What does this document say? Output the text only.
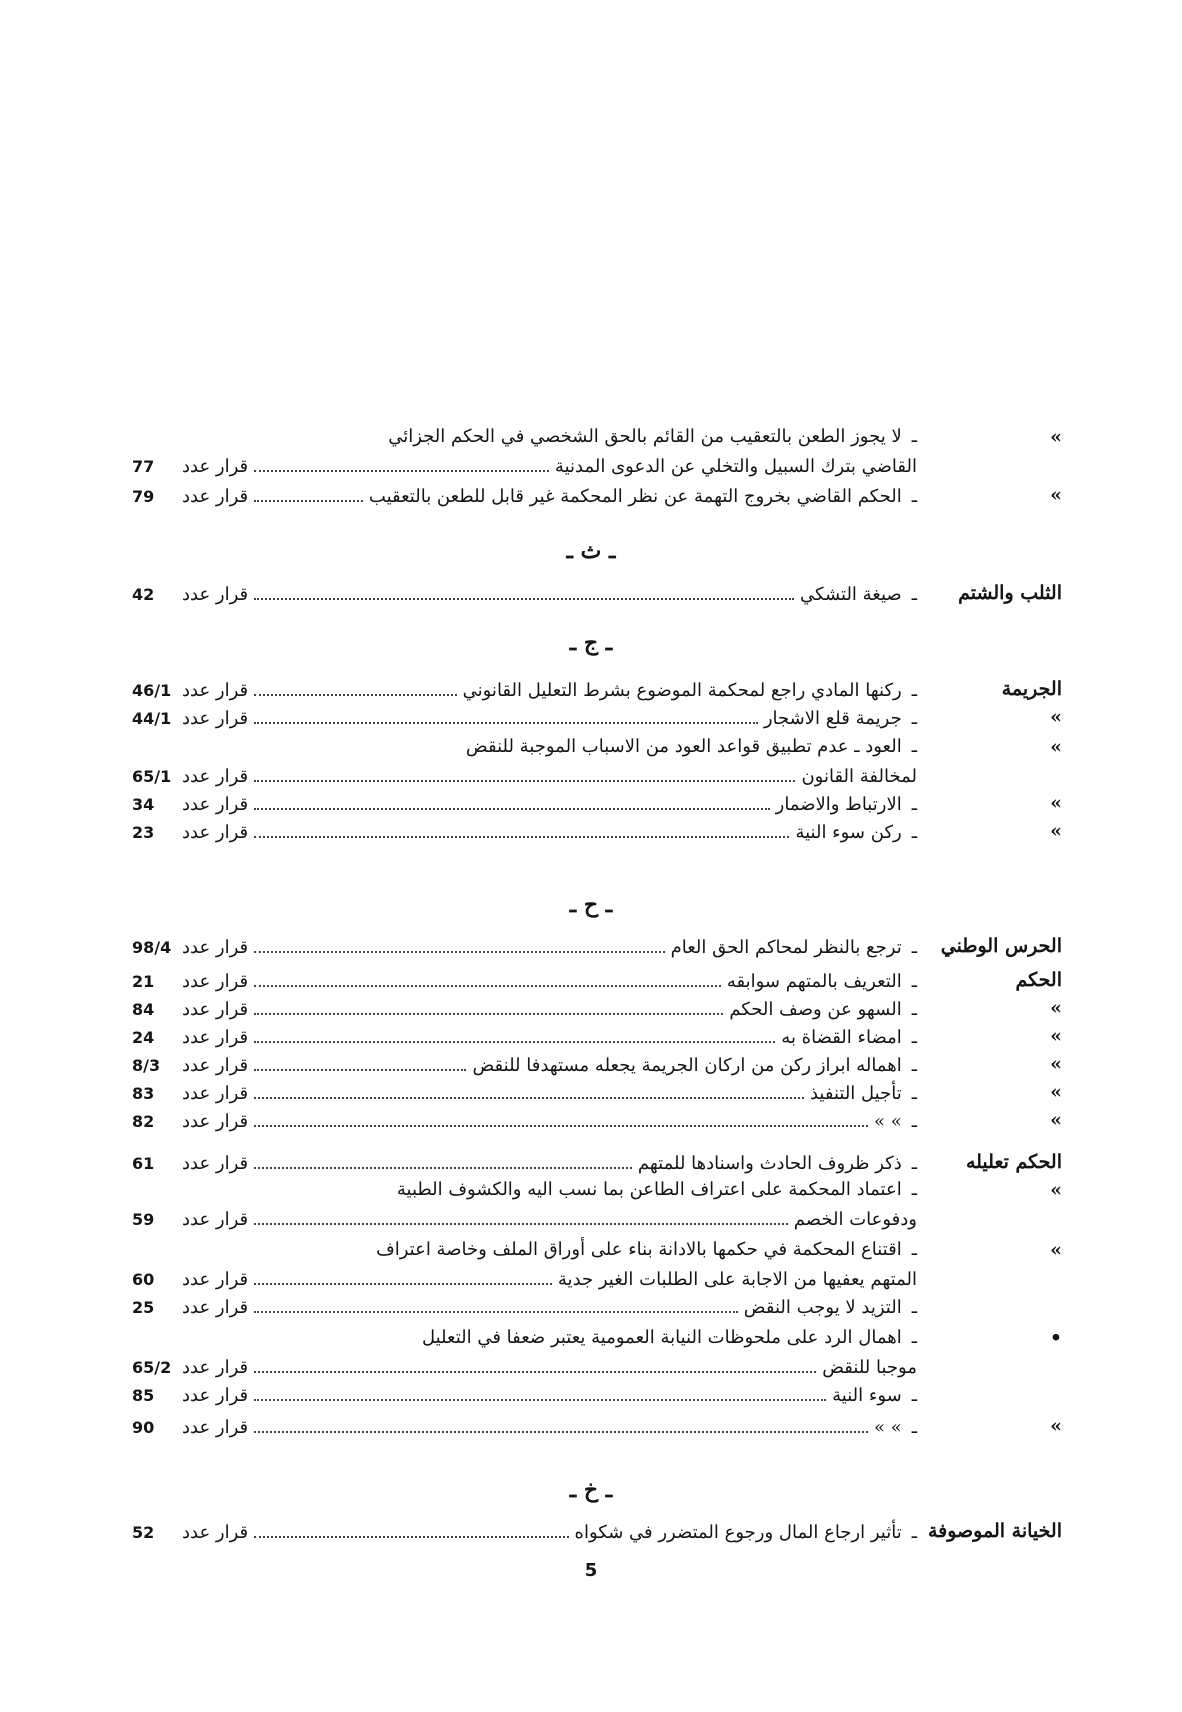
»
ـ
لا يجوز الطعن بالتعقيب من القائم بالحق الشخصي في الحكم الجزائي
القاضي بترك السبيل والتخلي عن الدعوى المدنية
قرار عدد
77
»
ـ
الحكم القاضي بخروج التهمة عن نظر المحكمة غير قابل للطعن بالتعقيب
قرار عدد
79
ـ ث ـ
الثلب والشتم
ـ
صيغة التشكي
قرار عدد
42
ـ ج ـ
الجريمة
ـ
ركنها المادي راجع لمحكمة الموضوع بشرط التعليل القانوني
قرار عدد
46/1
»
ـ
جريمة قلع الاشجار
قرار عدد
44/1
»
ـ
العود ـ عدم تطبيق قواعد العود من الاسباب الموجبة للنقض
لمخالفة القانون
قرار عدد
65/1
»
ـ
الارتباط والاضمار
قرار عدد
34
»
ـ
ركن سوء النية
قرار عدد
23
ـ ح ـ
الحرس الوطني
ـ
ترجع بالنظر لمحاكم الحق العام
قرار عدد
98/4
الحكم
ـ
التعريف بالمتهم سوابقه
قرار عدد
21
»
ـ
السهو عن وصف الحكم
قرار عدد
84
»
ـ
امضاء القضاة به
قرار عدد
24
»
ـ
اهماله ابراز ركن من اركان الجريمة يجعله مستهدفا للنقض
قرار عدد
8/3
»
ـ
تأجيل التنفيذ
قرار عدد
83
»
ـ
» »
قرار عدد
82
الحكم تعليله
ـ
ذكر ظروف الحادث واسنادها للمتهم
قرار عدد
61
»
ـ
اعتماد المحكمة على اعتراف الطاعن بما نسب اليه والكشوف الطبية
ودفوعات الخصم
قرار عدد
59
»
ـ
اقتناع المحكمة في حكمها بالادانة بناء على أوراق الملف وخاصة اعتراف
المتهم يعفيها من الاجابة على الطلبات الغير جدية
قرار عدد
60
ـ
التزيد لا يوجب النقض
قرار عدد
25
•
ـ
اهمال الرد على ملحوظات النيابة العمومية يعتبر ضعفا في التعليل
موجبا للنقض
قرار عدد
65/2
ـ
سوء النية
قرار عدد
85
»
ـ
» »
قرار عدد
90
ـ خ ـ
الخيانة الموصوفة
ـ
تأثير ارجاع المال ورجوع المتضرر في شكواه
قرار عدد
52
5
